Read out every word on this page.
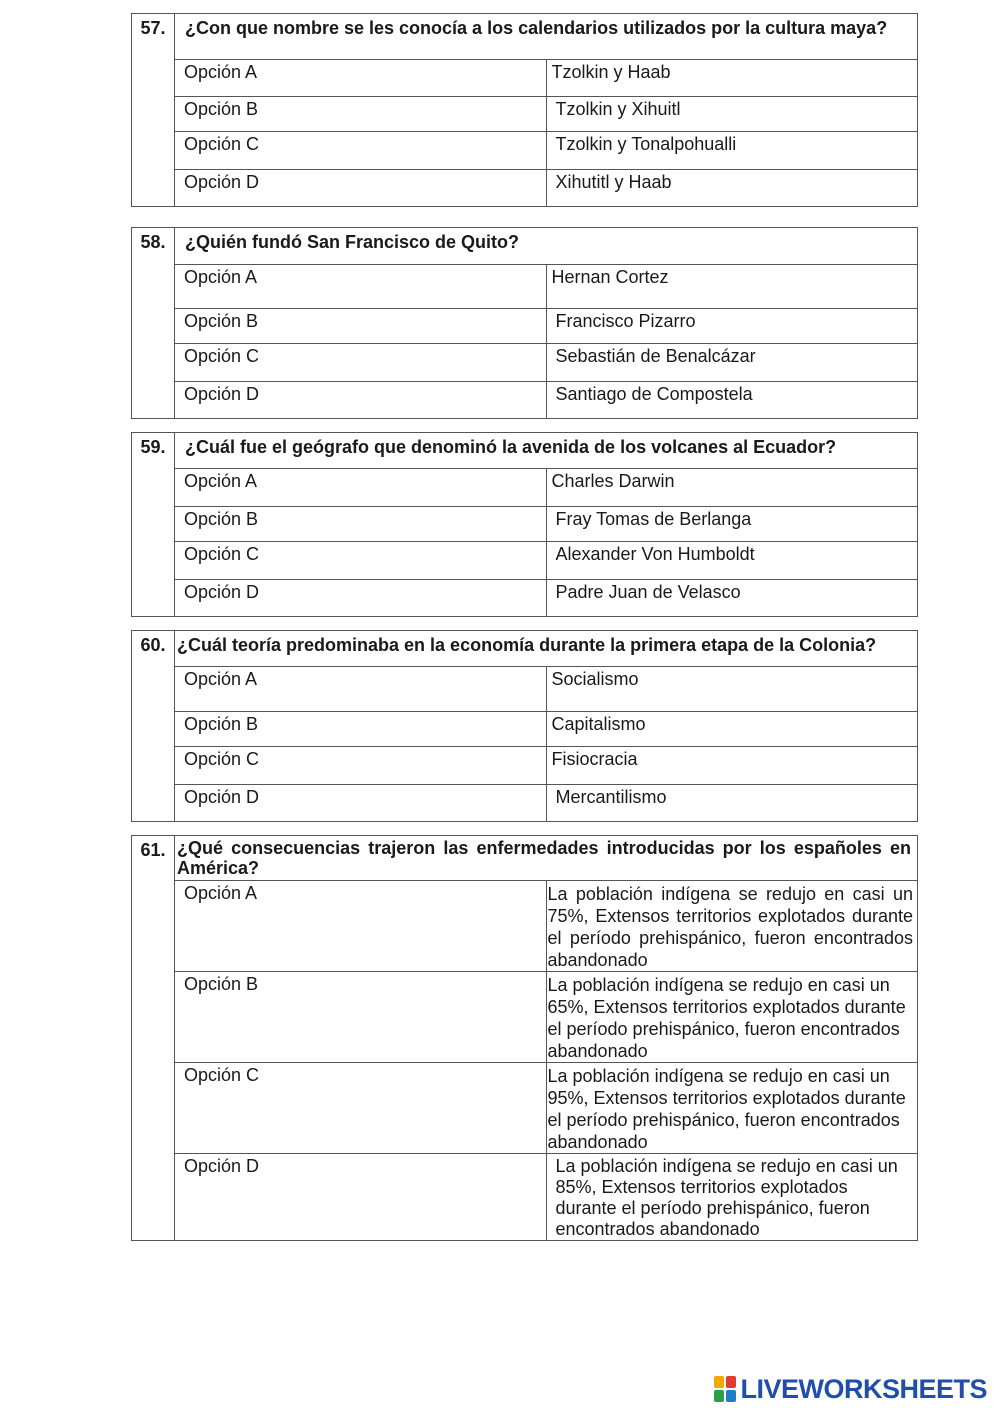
57.	¿Con que nombre se les conocía a los calendarios utilizados por la cultura maya?	
	Opción A	Tzolkin y Haab
	Opción B	Tzolkin y Xihuitl
	Opción C	Tzolkin y Tonalpohualli
	Opción D	Xihutitl y Haab
58.	¿Quién fundó San Francisco de Quito?	
	Opción A	Hernan Cortez
	Opción B	Francisco Pizarro
	Opción C	Sebastián de Benalcázar
	Opción D	Santiago de Compostela
59.	¿Cuál fue el geógrafo que denominó la avenida de los volcanes al Ecuador?	
	Opción A	Charles Darwin
	Opción B	Fray Tomas de Berlanga
	Opción C	Alexander Von Humboldt
	Opción D	Padre Juan de Velasco
60.	¿Cuál teoría predominaba en la economía durante la primera etapa de la Colonia?	
	Opción A	Socialismo
	Opción B	Capitalismo
	Opción C	Fisiocracia
	Opción D	Mercantilismo
61.	¿Qué consecuencias trajeron las enfermedades introducidas por los españoles en América?	
	Opción A	La población indígena se redujo en casi un 75%, Extensos territorios explotados durante el período prehispánico, fueron encontrados abandonado
	Opción B	La población indígena se redujo en casi un 65%, Extensos territorios explotados durante el período prehispánico, fueron encontrados abandonado
	Opción C	La población indígena se redujo en casi un 95%, Extensos territorios explotados durante el período prehispánico, fueron encontrados abandonado
	Opción D	La población indígena se redujo en casi un 85%, Extensos territorios explotados durante el período prehispánico, fueron encontrados abandonado
LIVEWORKSHEETS
